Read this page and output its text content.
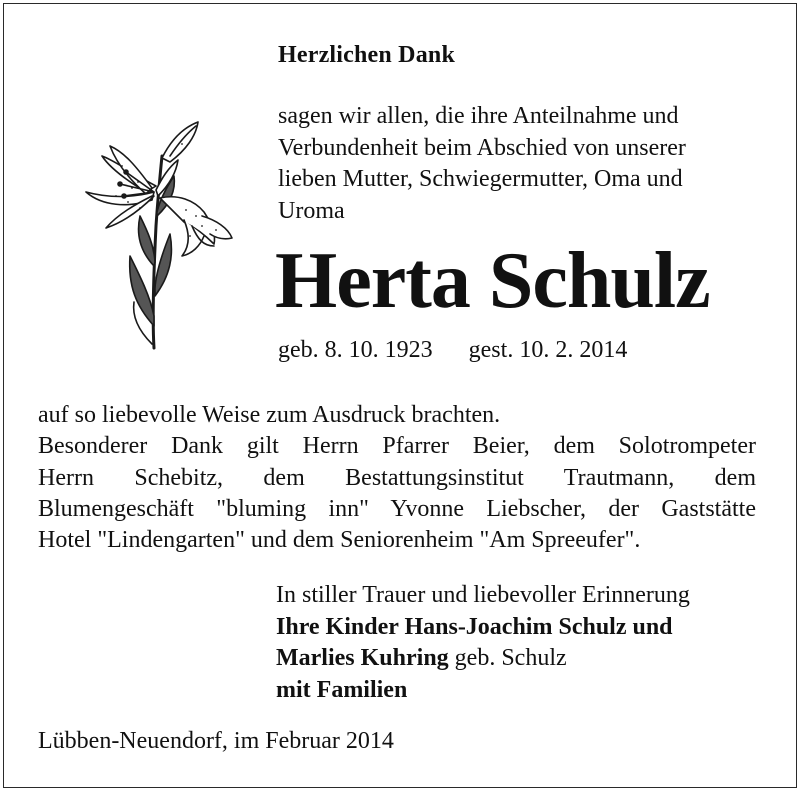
Herzlichen Dank
sagen wir allen, die ihre Anteilnahme und
Verbundenheit beim Abschied von unserer
lieben Mutter, Schwiegermutter, Oma und
Uroma
Herta Schulz
geb. 8. 10. 1923 gest. 10. 2. 2014
auf so liebevolle Weise zum Ausdruck brachten.
Besonderer Dank gilt Herrn Pfarrer Beier, dem Solotrompeter
Herrn Schebitz, dem Bestattungsinstitut Trautmann, dem
Blumengeschäft "bluming inn" Yvonne Liebscher, der Gaststätte
Hotel "Lindengarten" und dem Seniorenheim "Am Spreeufer".
In stiller Trauer und liebevoller Erinnerung
Ihre Kinder Hans-Joachim Schulz und
Marlies Kuhring geb. Schulz
mit Familien
Lübben-Neuendorf, im Februar 2014
